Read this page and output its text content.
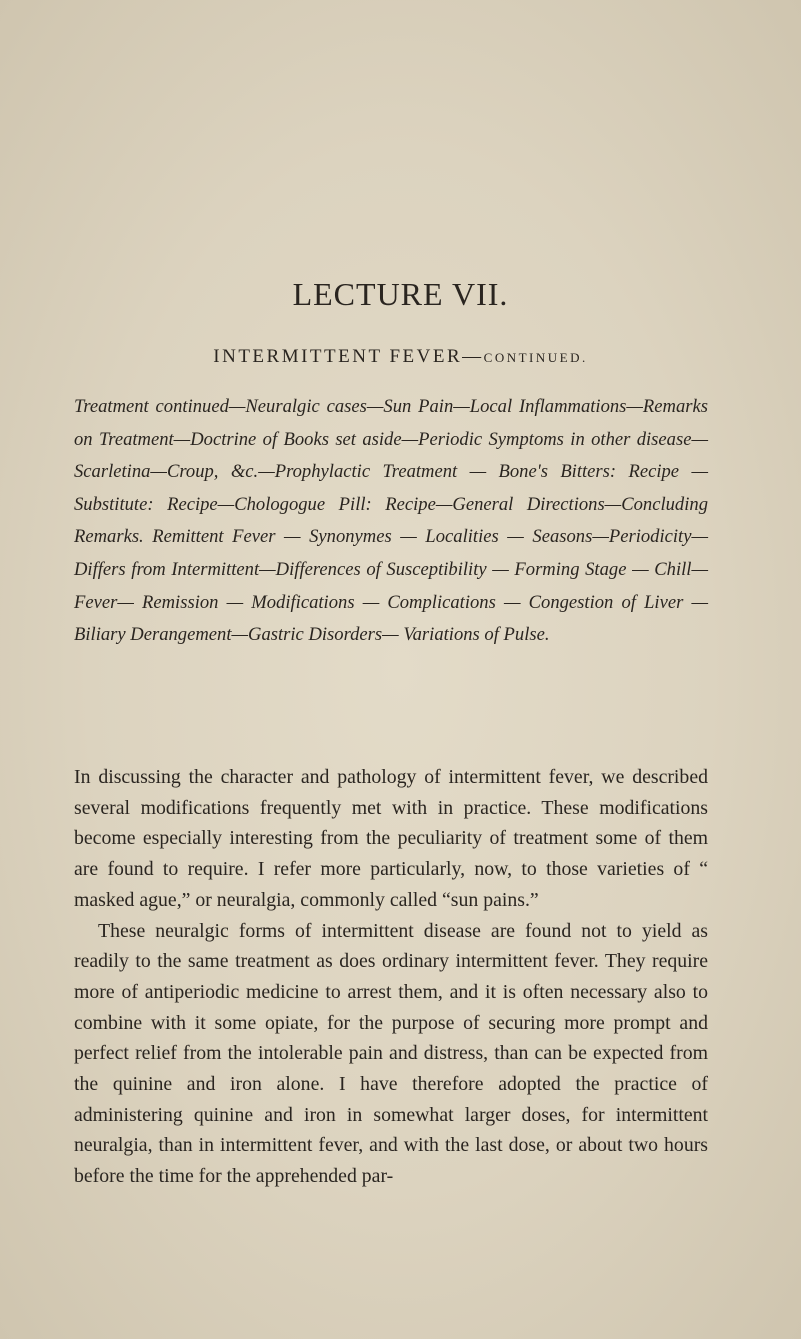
LECTURE VII.
INTERMITTENT FEVER—CONTINUED.

Treatment continued—Neuralgic cases—Sun Pain—Local Inflammations—Remarks on Treatment—Doctrine of Books set aside—Periodic Symptoms in other disease—Scarletina—Croup, &c.—Prophylactic Treatment — Bone's Bitters: Recipe — Substitute: Recipe—Chologogue Pill: Recipe—General Directions—Concluding Remarks. Remittent Fever — Synonymes — Localities — Seasons—Periodicity—Differs from Intermittent—Differences of Susceptibility — Forming Stage — Chill—Fever— Remission — Modifications — Complications — Congestion of Liver — Biliary Derangement—Gastric Disorders— Variations of Pulse.

In discussing the character and pathology of intermittent fever, we described several modifications frequently met with in practice. These modifications become especially interesting from the peculiarity of treatment some of them are found to require. I refer more particularly, now, to those varieties of “ masked ague,” or neuralgia, commonly called “sun pains.”

These neuralgic forms of intermittent disease are found not to yield as readily to the same treatment as does ordinary intermittent fever. They require more of antiperiodic medicine to arrest them, and it is often necessary also to combine with it some opiate, for the purpose of securing more prompt and perfect relief from the intolerable pain and distress, than can be expected from the quinine and iron alone. I have therefore adopted the practice of administering quinine and iron in somewhat larger doses, for intermittent neuralgia, than in intermittent fever, and with the last dose, or about two hours before the time for the apprehended par-
